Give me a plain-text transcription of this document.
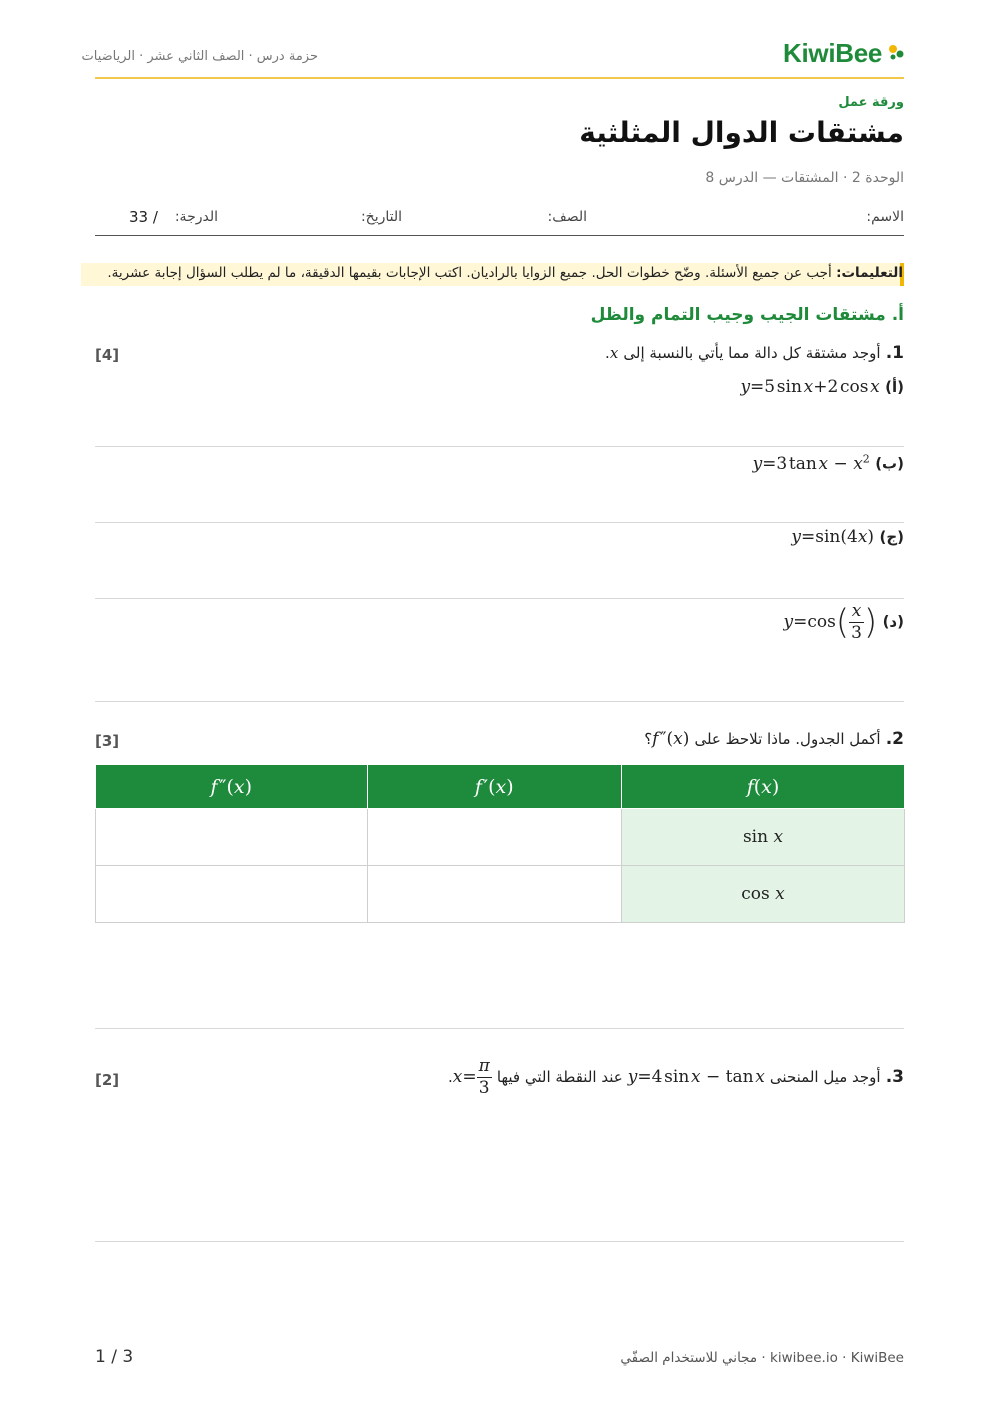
KiwiBee
حزمة درس · الصف الثاني عشر · الرياضيات
ورقة عمل
مشتقات الدوال المثلثية
الوحدة 2 · المشتقات — الدرس 8
الاسم:
الصف:
التاريخ:
الدرجة:
/ 33
التعليمات: أجب عن جميع الأسئلة. وضّح خطوات الحل. جميع الزوايا بالراديان. اكتب الإجابات بقيمها الدقيقة، ما لم يطلب السؤال إجابة عشرية.
أ. مشتقات الجيب وجيب التمام والظل
1. أوجد مشتقة كل دالة مما يأتي بالنسبة إلى x.
[4]
(أ) y=5 sin x+2 cos x
(ب) y=3 tan $x - x^2$
(ج) y=sin(4x)
(د) $y=\cos( \frac{x}{3}$ )
2. أكمل الجدول. ماذا تلاحظ على f ″(x)؟
[3]
f(x)	f ′(x)	f ″(x)
sin x		
cos x		
3. أوجد ميل المنحنى y=4 sin x − tan x عند النقطة التي فيها $x= \frac{\pi}{3}$
.
[2]
3 / 1	kiwibee.io · KiwiBee · مجاني للاستخدام الصفّي
